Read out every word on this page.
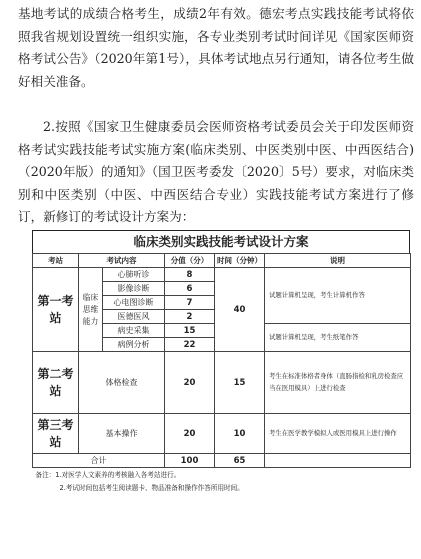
基地考试的成绩合格考生，成绩2年有效。德宏考点实践技能考试将依照我省规划设置统一组织实施，各专业类别考试时间详见《国家医师资格考试公告》（2020年第1号），具体考试地点另行通知，请各位考生做好相关准备。

2.按照《国家卫生健康委员会医师资格考试委员会关于印发医师资格考试实践技能考试实施方案(临床类别、中医类别中医、中西医结合)（2020年版）的通知》（国卫医考委发〔2020〕5号）要求，对临床类别和中医类别（中医、中西医结合专业）实践技能考试方案进行了修订，新修订的考试设计方案为：

临床类别实践技能考试设计方案
考站	考试内容		分值（分）	时间（分钟）	说明
第一考站	临床思维能力	心肺听诊	8	40	试题计算机呈现，考生计算机作答
		影像诊断	6		
		心电图诊断	7		
		医德医风	2		
		病史采集	15		试题计算机呈现，考生纸笔作答
		病例分析	22		
第二考站	体格检查		20	15	考生在标准体格者身体（直肠指检和乳房检查应当在医用模具）上进行检查
第三考站	基本操作		20	10	考生在医学教学模拟人或医用模具上进行操作
合计			100	65	

备注：1.对医学人文素养的考核融入各考站进行。
2.考试时间包括考生阅读题卡、物品准备和操作作答所用时间。					
